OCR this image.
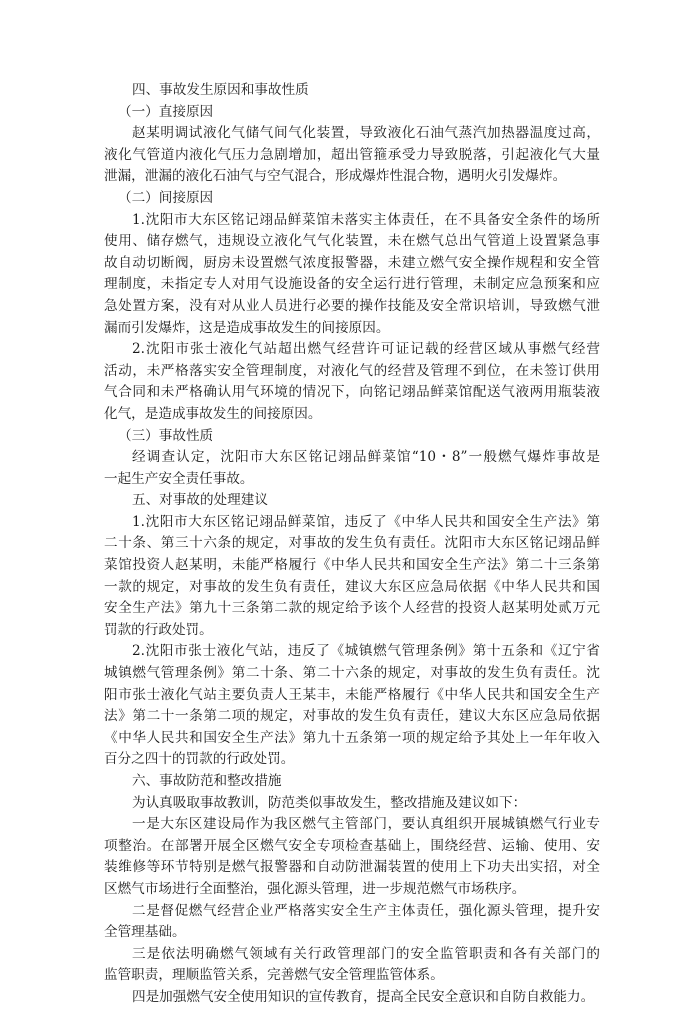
四、事故发生原因和事故性质
（一）直接原因
赵某明调试液化气储气间气化装置，导致液化石油气蒸汽加热器温度过高，
液化气管道内液化气压力急剧增加，超出管箍承受力导致脱落，引起液化气大量
泄漏，泄漏的液化石油气与空气混合，形成爆炸性混合物，遇明火引发爆炸。
（二）间接原因
1.沈阳市大东区铭记翊品鲜菜馆未落实主体责任，在不具备安全条件的场所
使用、储存燃气，违规设立液化气气化装置，未在燃气总出气管道上设置紧急事
故自动切断阀，厨房未设置燃气浓度报警器，未建立燃气安全操作规程和安全管
理制度，未指定专人对用气设施设备的安全运行进行管理，未制定应急预案和应
急处置方案，没有对从业人员进行必要的操作技能及安全常识培训，导致燃气泄
漏而引发爆炸，这是造成事故发生的间接原因。
2.沈阳市张士液化气站超出燃气经营许可证记载的经营区域从事燃气经营
活动，未严格落实安全管理制度，对液化气的经营及管理不到位，在未签订供用
气合同和未严格确认用气环境的情况下，向铭记翊品鲜菜馆配送气液两用瓶装液
化气，是造成事故发生的间接原因。
（三）事故性质
经调查认定，沈阳市大东区铭记翊品鲜菜馆“10・8”一般燃气爆炸事故是
一起生产安全责任事故。
五、对事故的处理建议
1.沈阳市大东区铭记翊品鲜菜馆，违反了《中华人民共和国安全生产法》第
二十条、第三十六条的规定，对事故的发生负有责任。沈阳市大东区铭记翊品鲜
菜馆投资人赵某明，未能严格履行《中华人民共和国安全生产法》第二十三条第
一款的规定，对事故的发生负有责任，建议大东区应急局依据《中华人民共和国
安全生产法》第九十三条第二款的规定给予该个人经营的投资人赵某明处贰万元
罚款的行政处罚。
2.沈阳市张士液化气站，违反了《城镇燃气管理条例》第十五条和《辽宁省
城镇燃气管理条例》第二十条、第二十六条的规定，对事故的发生负有责任。沈
阳市张士液化气站主要负责人王某丰，未能严格履行《中华人民共和国安全生产
法》第二十一条第二项的规定，对事故的发生负有责任，建议大东区应急局依据
《中华人民共和国安全生产法》第九十五条第一项的规定给予其处上一年年收入
百分之四十的罚款的行政处罚。
六、事故防范和整改措施
为认真吸取事故教训，防范类似事故发生，整改措施及建议如下：
一是大东区建设局作为我区燃气主管部门，要认真组织开展城镇燃气行业专
项整治。在部署开展全区燃气安全专项检查基础上，围绕经营、运输、使用、安
装维修等环节特别是燃气报警器和自动防泄漏装置的使用上下功夫出实招，对全
区燃气市场进行全面整治，强化源头管理，进一步规范燃气市场秩序。
二是督促燃气经营企业严格落实安全生产主体责任，强化源头管理，提升安
全管理基础。
三是依法明确燃气领域有关行政管理部门的安全监管职责和各有关部门的
监管职责，理顺监管关系，完善燃气安全管理监管体系。
四是加强燃气安全使用知识的宣传教育，提高全民安全意识和自防自救能力。
